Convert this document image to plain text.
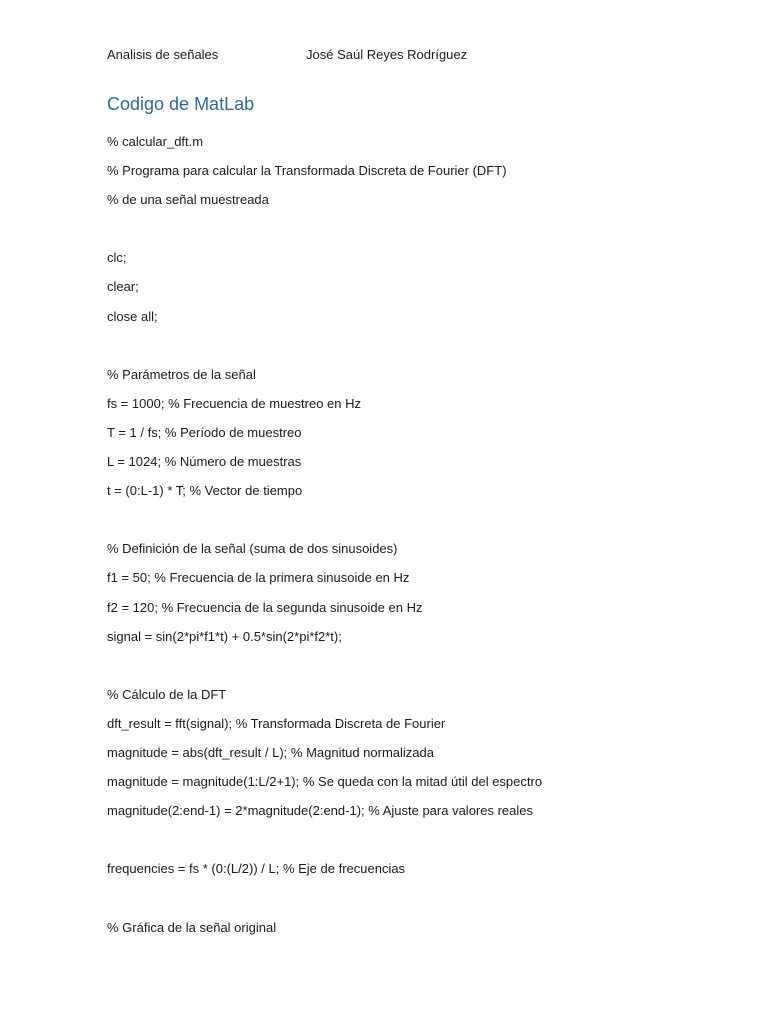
Analisis de señales	José Saúl Reyes Rodríguez
Codigo de MatLab
% calcular_dft.m
% Programa para calcular la Transformada Discreta de Fourier (DFT)
% de una señal muestreada
clc;
clear;
close all;
% Parámetros de la señal
fs = 1000; % Frecuencia de muestreo en Hz
T = 1 / fs; % Período de muestreo
L = 1024; % Número de muestras
t = (0:L-1) * T; % Vector de tiempo
% Definición de la señal (suma de dos sinusoides)
f1 = 50; % Frecuencia de la primera sinusoide en Hz
f2 = 120; % Frecuencia de la segunda sinusoide en Hz
signal = sin(2*pi*f1*t) + 0.5*sin(2*pi*f2*t);
% Cálculo de la DFT
dft_result = fft(signal); % Transformada Discreta de Fourier
magnitude = abs(dft_result / L); % Magnitud normalizada
magnitude = magnitude(1:L/2+1); % Se queda con la mitad útil del espectro
magnitude(2:end-1) = 2*magnitude(2:end-1); % Ajuste para valores reales
frequencies = fs * (0:(L/2)) / L; % Eje de frecuencias
% Gráfica de la señal original
